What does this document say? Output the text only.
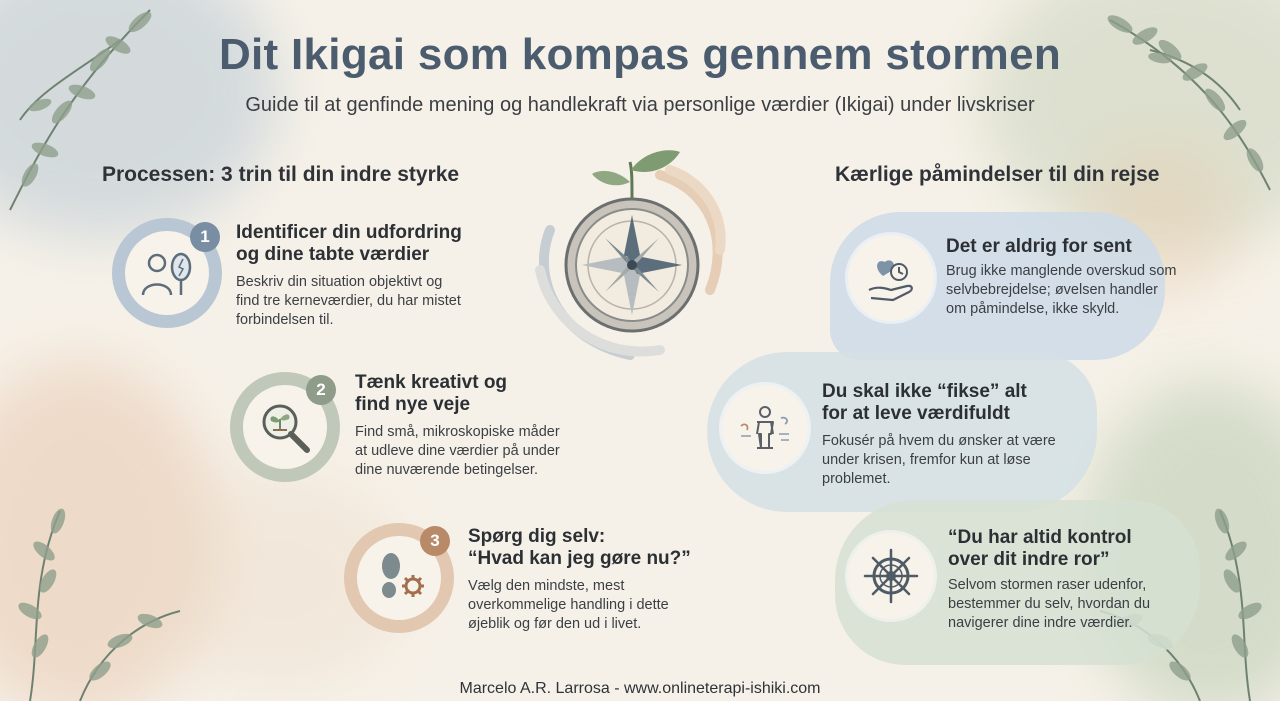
Dit Ikigai som kompas gennem stormen
Guide til at genfinde mening og handlekraft via personlige værdier (Ikigai) under livskriser
Processen: 3 trin til din indre styrke	Kærlige påmindelser til din rejse
1	Identificer din udfordring
og dine tabte værdier
Beskriv din situation objektivt og
find tre kerneværdier, du har mistet
forbindelsen til.
2	Tænk kreativt og
find nye veje
Find små, mikroskopiske måder
at udleve dine værdier på under
dine nuværende betingelser.
3	Spørg dig selv:
“Hvad kan jeg gøre nu?”
Vælg den mindste, mest
overkommelige handling i dette
øjeblik og før den ud i livet.
Det er aldrig for sent
Brug ikke manglende overskud som
selvbebrejdelse; øvelsen handler
om påmindelse, ikke skyld.
Du skal ikke “fikse” alt
for at leve værdifuldt
Fokusér på hvem du ønsker at være
under krisen, fremfor kun at løse
problemet.
“Du har altid kontrol
over dit indre ror”
Selvom stormen raser udenfor,
bestemmer du selv, hvordan du
navigerer dine indre værdier.
Marcelo A.R. Larrosa - www.onlineterapi-ishiki.com
